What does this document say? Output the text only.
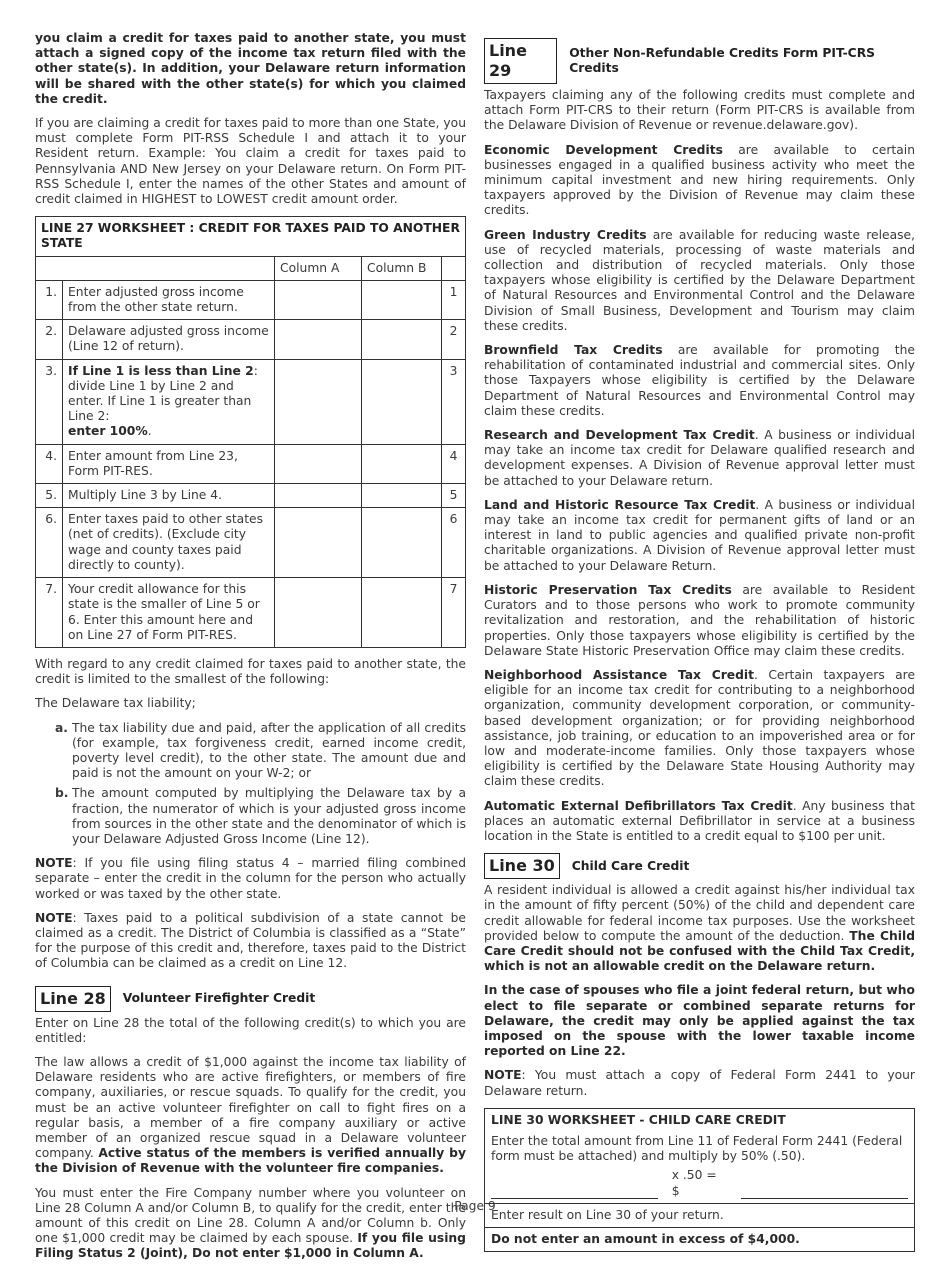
you claim a credit for taxes paid to another state, you must attach a signed copy of the income tax return filed with the other state(s). In addition, your Delaware return information will be shared with the other state(s) for which you claimed the credit.

If you are claiming a credit for taxes paid to more than one State, you must complete Form PIT-RSS Schedule I and attach it to your Resident return. Example: You claim a credit for taxes paid to Pennsylvania AND New Jersey on your Delaware return. On Form PIT-RSS Schedule I, enter the names of the other States and amount of credit claimed in HIGHEST to LOWEST credit amount order.

LINE 27 WORKSHEET : CREDIT FOR TAXES PAID TO ANOTHER STATE				
		Column A	Column B	
1.	Enter adjusted gross income from the other state return.			1
2.	Delaware adjusted gross income (Line 12 of return).			2
3.	If Line 1 is less than Line 2: divide Line 1 by Line 2 and enter. If Line 1 is greater than Line 2:
enter 100%.			3
4.	Enter amount from Line 23, Form PIT-RES.			4
5.	Multiply Line 3 by Line 4.			5
6.	Enter taxes paid to other states (net of credits). (Exclude city wage and county taxes paid directly to county).			6
7.	Your credit allowance for this state is the smaller of Line 5 or 6. Enter this amount here and on Line 27 of Form PIT-RES.			7

With regard to any credit claimed for taxes paid to another state, the credit is limited to the smallest of the following:

The Delaware tax liability;

a. The tax liability due and paid, after the application of all credits (for example, tax forgiveness credit, earned income credit, poverty level credit), to the other state. The amount due and paid is not the amount on your W-2; or
b. The amount computed by multiplying the Delaware tax by a fraction, the numerator of which is your adjusted gross income from sources in the other state and the denominator of which is your Delaware Adjusted Gross Income (Line 12).

NOTE: If you file using filing status 4 – married filing combined separate – enter the credit in the column for the person who actually worked or was taxed by the other state.

NOTE: Taxes paid to a political subdivision of a state cannot be claimed as a credit. The District of Columbia is classified as a “State” for the purpose of this credit and, therefore, taxes paid to the District of Columbia can be claimed as a credit on Line 12.

Line 28	Volunteer Firefighter Credit

Enter on Line 28 the total of the following credit(s) to which you are entitled:

The law allows a credit of $1,000 against the income tax liability of Delaware residents who are active firefighters, or members of fire company, auxiliaries, or rescue squads. To qualify for the credit, you must be an active volunteer firefighter on call to fight fires on a regular basis, a member of a fire company auxiliary or active member of an organized rescue squad in a Delaware volunteer company. Active status of the members is verified annually by the Division of Revenue with the volunteer fire companies.

You must enter the Fire Company number where you volunteer on Line 28 Column A and/or Column B, to qualify for the credit, enter the amount of this credit on Line 28. Column A and/or Column b. Only one $1,000 credit may be claimed by each spouse. If you file using Filing Status 2 (Joint), Do not enter $1,000 in Column A.

Line 29
Other Non-Refundable Credits Form PIT-CRS Credits

Taxpayers claiming any of the following credits must complete and attach Form PIT-CRS to their return (Form PIT-CRS is available from the Delaware Division of Revenue or revenue.delaware.gov).

Economic Development Credits are available to certain businesses engaged in a qualified business activity who meet the minimum capital investment and new hiring requirements. Only taxpayers approved by the Division of Revenue may claim these credits.

Green Industry Credits are available for reducing waste release, use of recycled materials, processing of waste materials and collection and distribution of recycled materials. Only those taxpayers whose eligibility is certified by the Delaware Department of Natural Resources and Environmental Control and the Delaware Division of Small Business, Development and Tourism may claim these credits.

Brownfield Tax Credits are available for promoting the rehabilitation of contaminated industrial and commercial sites. Only those Taxpayers whose eligibility is certified by the Delaware Department of Natural Resources and Environmental Control may claim these credits.

Research and Development Tax Credit. A business or individual may take an income tax credit for Delaware qualified research and development expenses. A Division of Revenue approval letter must be attached to your Delaware return.

Land and Historic Resource Tax Credit. A business or individual may take an income tax credit for permanent gifts of land or an interest in land to public agencies and qualified private non-profit charitable organizations. A Division of Revenue approval letter must be attached to your Delaware Return.

Historic Preservation Tax Credits are available to Resident Curators and to those persons who work to promote community revitalization and restoration, and the rehabilitation of historic properties. Only those taxpayers whose eligibility is certified by the Delaware State Historic Preservation Office may claim these credits.

Neighborhood Assistance Tax Credit. Certain taxpayers are eligible for an income tax credit for contributing to a neighborhood organization, community development corporation, or community-based development organization; or for providing neighborhood assistance, job training, or education to an impoverished area or for low and moderate-income families. Only those taxpayers whose eligibility is certified by the Delaware State Housing Authority may claim these credits.

Automatic External Defibrillators Tax Credit. Any business that places an automatic external Defibrillator in service at a business location in the State is entitled to a credit equal to $100 per unit.

Line 30	Child Care Credit

A resident individual is allowed a credit against his/her individual tax in the amount of fifty percent (50%) of the child and dependent care credit allowable for federal income tax purposes. Use the worksheet provided below to compute the amount of the deduction. The Child Care Credit should not be confused with the Child Tax Credit, which is not an allowable credit on the Delaware return.

In the case of spouses who file a joint federal return, but who elect to file separate or combined separate returns for Delaware, the credit may only be applied against the tax imposed on the spouse with the lower taxable income reported on Line 22.

NOTE: You must attach a copy of Federal Form 2441 to your Delaware return.

LINE 30 WORKSHEET - CHILD CARE CREDIT
Enter the total amount from Line 11 of Federal Form 2441 (Federal form must be attached) and multiply by 50% (.50).
x .50 = $
Enter result on Line 30 of your return.
Do not enter an amount in excess of $4,000.
Page 9
